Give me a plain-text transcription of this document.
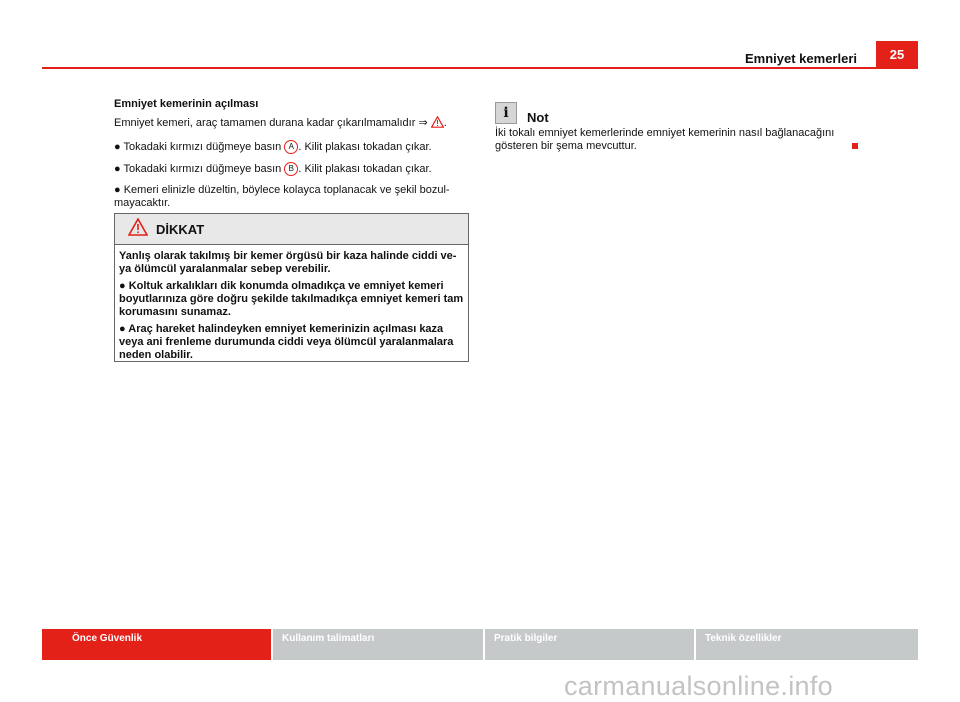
Emniyet kemerleri	25
Emniyet kemerinin açılması
Emniyet kemeri, araç tamamen durana kadar çıkarılmamalıdır ⇒ .
● Tokadaki kırmızı düğmeye basın A . Kilit plakası tokadan çıkar.
● Tokadaki kırmızı düğmeye basın B . Kilit plakası tokadan çıkar.
● Kemeri elinizle düzeltin, böylece kolayca toplanacak ve şekil bozul-mayacaktır.
DİKKAT
Yanlış olarak takılmış bir kemer örgüsü bir kaza halinde ciddi ve-ya ölümcül yaralanmalar sebep verebilir.
● Koltuk arkalıkları dik konumda olmadıkça ve emniyet kemeri boyutlarınıza göre doğru şekilde takılmadıkça emniyet kemeri tam korumasını sunamaz.
● Araç hareket halindeyken emniyet kemerinizin açılması kaza veya ani frenleme durumunda ciddi veya ölümcül yaralanmalara neden olabilir.
i	Not
İki tokalı emniyet kemerlerinde emniyet kemerinin nasıl bağlanacağını gösteren bir şema mevcuttur.
Önce Güvenlik	Kullanım talimatları	Pratik bilgiler	Teknik özellikler
carmanualsonline.info
